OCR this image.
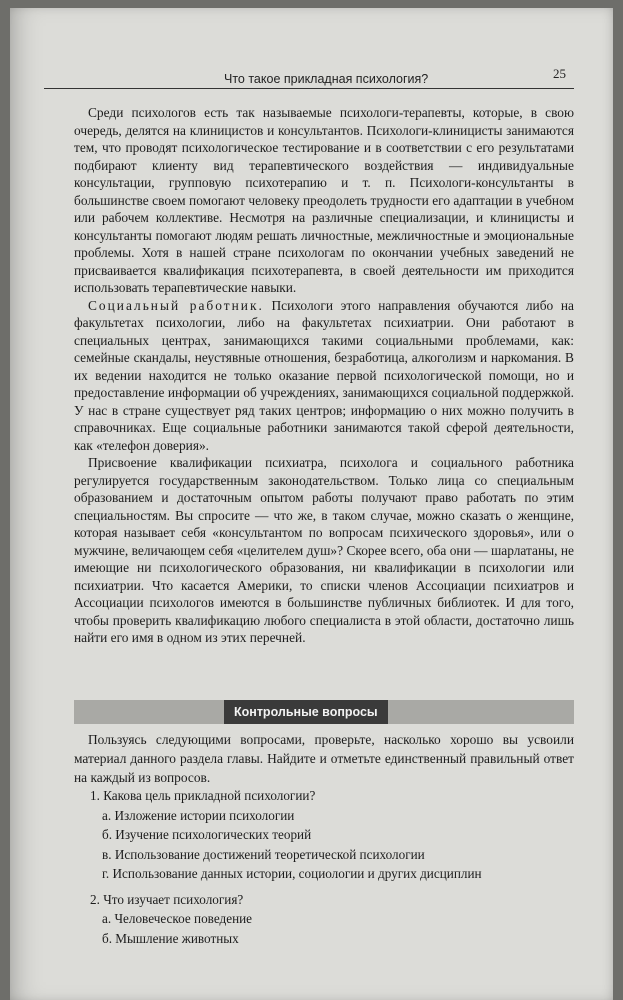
Что такое прикладная психология?	25

Среди психологов есть так называемые психологи-терапевты, которые, в свою очередь, делятся на клиницистов и консультантов. Психологи-клиницисты занимаются тем, что проводят психологическое тестирование и в соответствии с его результатами подбирают клиенту вид терапевтического воздействия — индивидуальные консультации, групповую психотерапию и т. п. Психологи-консультанты в большинстве своем помогают человеку преодолеть трудности его адаптации в учебном или рабочем коллективе. Несмотря на различные специализации, и клиницисты и консультанты помогают людям решать личностные, межличностные и эмоциональные проблемы. Хотя в нашей стране психологам по окончании учебных заведений не присваивается квалификация психотерапевта, в своей деятельности им приходится использовать терапевтические навыки.

Социальный работник. Психологи этого направления обучаются либо на факультетах психологии, либо на факультетах психиатрии. Они работают в специальных центрах, занимающихся такими социальными проблемами, как: семейные скандалы, неустявные отношения, безработица, алкоголизм и наркомания. В их ведении находится не только оказание первой психологической помощи, но и предоставление информации об учреждениях, занимающихся социальной поддержкой. У нас в стране существует ряд таких центров; информацию о них можно получить в справочниках. Еще социальные работники занимаются такой сферой деятельности, как «телефон доверия».

Присвоение квалификации психиатра, психолога и социального работника регулируется государственным законодательством. Только лица со специальным образованием и достаточным опытом работы получают право работать по этим специальностям. Вы спросите — что же, в таком случае, можно сказать о женщине, которая называет себя «консультантом по вопросам психического здоровья», или о мужчине, величающем себя «целителем душ»? Скорее всего, оба они — шарлатаны, не имеющие ни психологического образования, ни квалификации в психологии или психиатрии. Что касается Америки, то списки членов Ассоциации психиатров и Ассоциации психологов имеются в большинстве публичных библиотек. И для того, чтобы проверить квалификацию любого специалиста в этой области, достаточно лишь найти его имя в одном из этих перечней.

Контрольные вопросы

Пользуясь следующими вопросами, проверьте, насколько хорошо вы усвоили материал данного раздела главы. Найдите и отметьте единственный правильный ответ на каждый из вопросов.

1. Какова цель прикладной психологии?
а. Изложение истории психологии
б. Изучение психологических теорий
в. Использование достижений теоретической психологии
г. Использование данных истории, социологии и других дисциплин
2. Что изучает психология?
а. Человеческое поведение
б. Мышление животных
